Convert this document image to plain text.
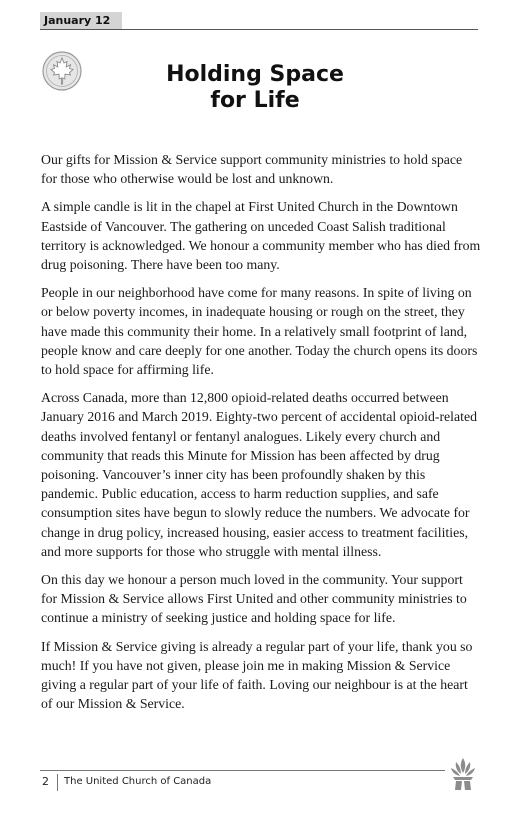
January 12
Holding Space
for Life

Our gifts for Mission & Service support community ministries to hold space for those who otherwise would be lost and unknown.

A simple candle is lit in the chapel at First United Church in the Downtown Eastside of Vancouver. The gathering on unceded Coast Salish traditional territory is acknowledged. We honour a community member who has died from drug poisoning. There have been too many.

People in our neighborhood have come for many reasons. In spite of living on or below poverty incomes, in inadequate housing or rough on the street, they have made this community their home. In a relatively small footprint of land, people know and care deeply for one another. Today the church opens its doors to hold space for affirming life.

Across Canada, more than 12,800 opioid-related deaths occurred between January 2016 and March 2019. Eighty-two percent of accidental opioid-related deaths involved fentanyl or fentanyl analogues. Likely every church and community that reads this Minute for Mission has been affected by drug poisoning. Vancouver’s inner city has been profoundly shaken by this pandemic. Public education, access to harm reduction supplies, and safe consumption sites have begun to slowly reduce the numbers. We advocate for change in drug policy, increased housing, easier access to treatment facilities, and more supports for those who struggle with mental illness.

On this day we honour a person much loved in the community. Your support for Mission & Service allows First United and other community ministries to continue a ministry of seeking justice and holding space for life.

If Mission & Service giving is already a regular part of your life, thank you so much! If you have not given, please join me in making Mission & Service giving a regular part of your life of faith. Loving our neighbour is at the heart of our Mission & Service.

2 The United Church of Canada
